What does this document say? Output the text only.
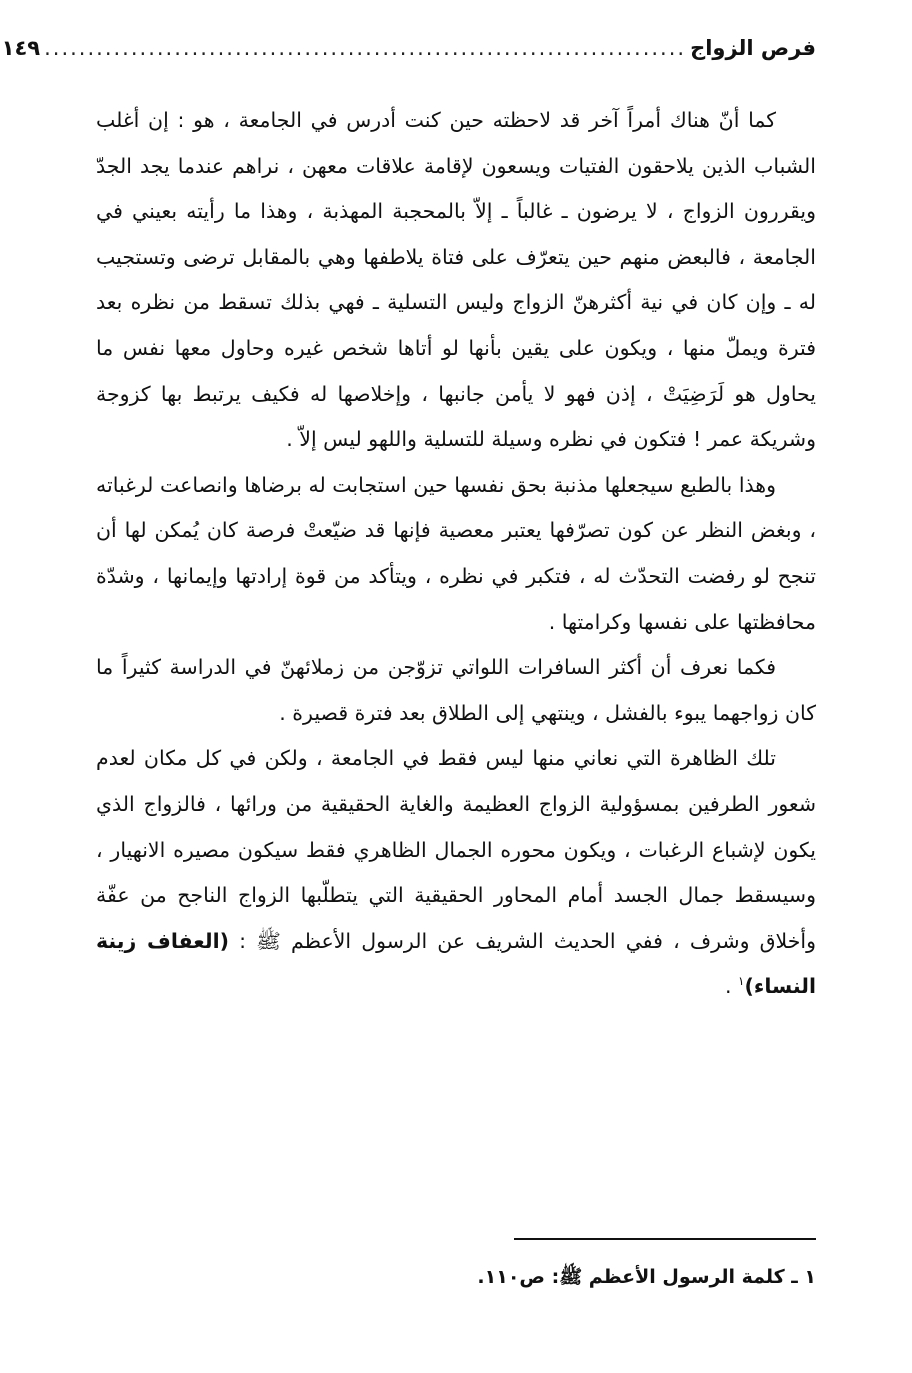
فرص الزواج
..........................................................................
١٤٩

كما أنّ هناك أمراً آخر قد لاحظته حين كنت أدرس في الجامعة ، هو : إن أغلب الشباب الذين يلاحقون الفتيات ويسعون لإقامة علاقات معهن ، نراهم عندما يجد الجدّ ويقررون الزواج ، لا يرضون ـ غالباً ـ إلاّ بالمحجبة المهذبة ، وهذا ما رأيته بعيني في الجامعة ، فالبعض منهم حين يتعرّف على فتاة يلاطفها وهي بالمقابل ترضى وتستجيب له ـ وإن كان في نية أكثرهنّ الزواج وليس التسلية ـ فهي بذلك تسقط من نظره بعد فترة ويملّ منها ، ويكون على يقين بأنها لو أتاها شخص غيره وحاول معها نفس ما يحاول هو لَرَضِيَتْ ، إذن فهو لا يأمن جانبها ، وإخلاصها له فكيف يرتبط بها كزوجة وشريكة عمر ! فتكون في نظره وسيلة للتسلية واللهو ليس إلاّ .

وهذا بالطبع سيجعلها مذنبة بحق نفسها حين استجابت له برضاها وانصاعت لرغباته ، وبغض النظر عن كون تصرّفها يعتبر معصية فإنها قد ضيّعتْ فرصة كان يُمكن لها أن تنجح لو رفضت التحدّث له ، فتكبر في نظره ، ويتأكد من قوة إرادتها وإيمانها ، وشدّة محافظتها على نفسها وكرامتها .

فكما نعرف أن أكثر السافرات اللواتي تزوّجن من زملائهنّ في الدراسة كثيراً ما كان زواجهما يبوء بالفشل ، وينتهي إلى الطلاق بعد فترة قصيرة .

تلك الظاهرة التي نعاني منها ليس فقط في الجامعة ، ولكن في كل مكان لعدم شعور الطرفين بمسؤولية الزواج العظيمة والغاية الحقيقية من ورائها ، فالزواج الذي يكون لإشباع الرغبات ، ويكون محوره الجمال الظاهري فقط سيكون مصيره الانهيار ، وسيسقط جمال الجسد أمام المحاور الحقيقية التي يتطلّبها الزواج الناجح من عفّة وأخلاق وشرف ، ففي الحديث الشريف عن الرسول الأعظم ﷺ : (العفاف زينة النساء)$^١$ .

١ ـ كلمة الرسول الأعظم ﷺ: ص١١٠.
